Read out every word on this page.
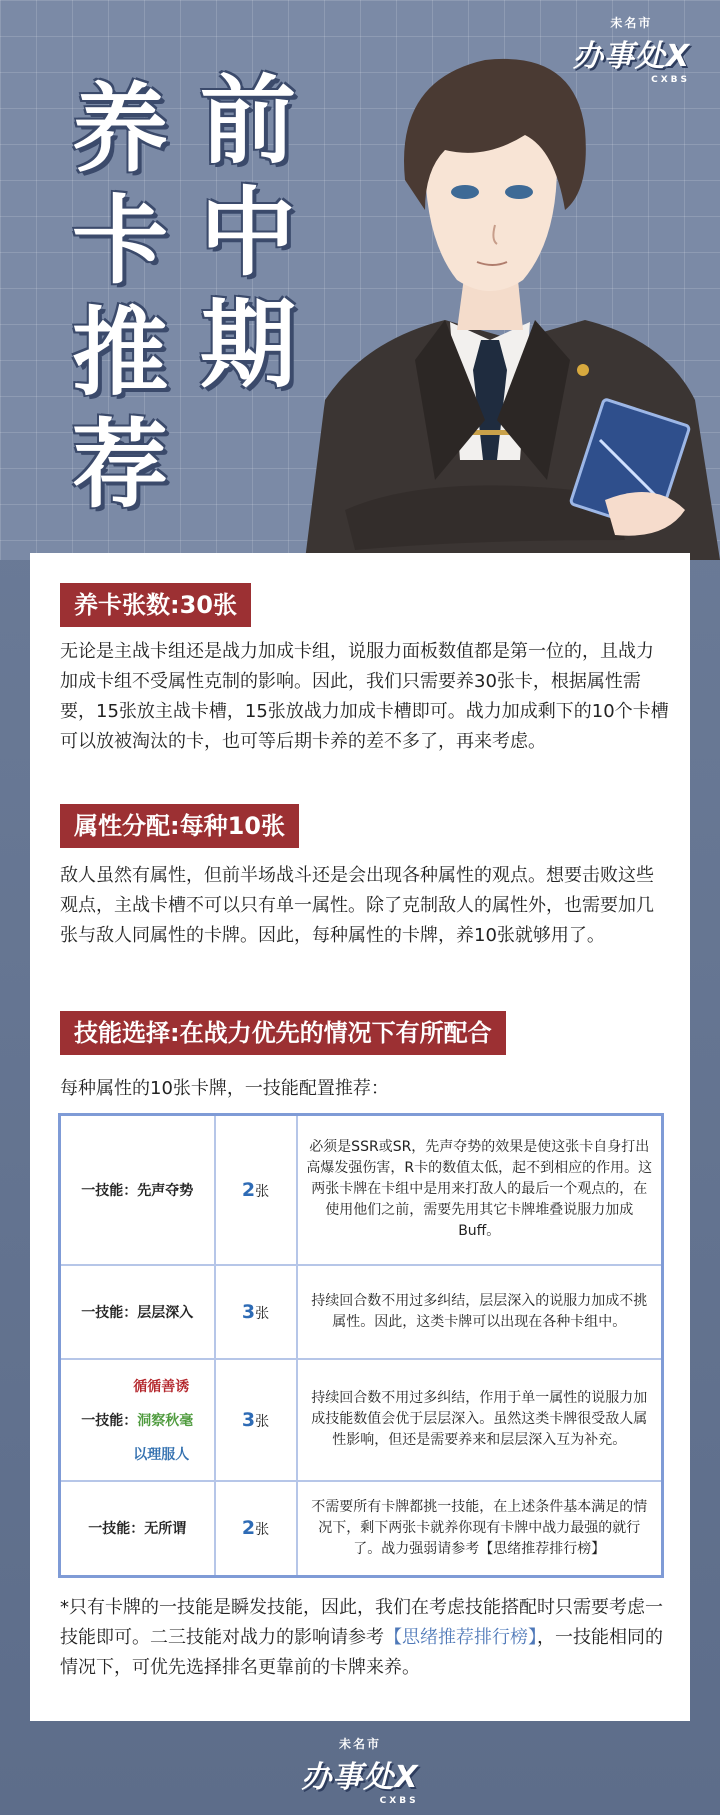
未名市
办事处X
CXBS
养
卡
推
荐
前
中
期
养卡张数:30张

无论是主战卡组还是战力加成卡组，说服力面板数值都是第一位的，且战力加成卡组不受属性克制的影响。因此，我们只需要养30张卡，根据属性需要，15张放主战卡槽，15张放战力加成卡槽即可。战力加成剩下的10个卡槽可以放被淘汰的卡，也可等后期卡养的差不多了，再来考虑。

属性分配:每种10张

敌人虽然有属性，但前半场战斗还是会出现各种属性的观点。想要击败这些观点，主战卡槽不可以只有单一属性。除了克制敌人的属性外，也需要加几张与敌人同属性的卡牌。因此，每种属性的卡牌，养10张就够用了。

技能选择:在战力优先的情况下有所配合
每种属性的10张卡牌，一技能配置推荐：
一技能：先声夺势	2张	必须是SSR或SR，先声夺势的效果是使这张卡自身打出高爆发强伤害，R卡的数值太低，起不到相应的作用。这两张卡牌在卡组中是用来打敌人的最后一个观点的，在使用他们之前，需要先用其它卡牌堆叠说服力加成Buff。
一技能：层层深入	3张	持续回合数不用过多纠结，层层深入的说服力加成不挑属性。因此，这类卡牌可以出现在各种卡组中。

循循善诱
一技能： 洞察秋毫
以理服人	3张	持续回合数不用过多纠结，作用于单一属性的说服力加成技能数值会优于层层深入。虽然这类卡牌很受敌人属性影响，但还是需要养来和层层深入互为补充。
一技能：无所谓	2张	不需要所有卡牌都挑一技能，在上述条件基本满足的情况下，剩下两张卡就养你现有卡牌中战力最强的就行了。战力强弱请参考【思绪推荐排行榜】

*只有卡牌的一技能是瞬发技能，因此，我们在考虑技能搭配时只需要考虑一技能即可。二三技能对战力的影响请参考【思绪推荐排行榜】，一技能相同的情况下，可优先选择排名更靠前的卡牌来养。

未名市
办事处X
CXBS
